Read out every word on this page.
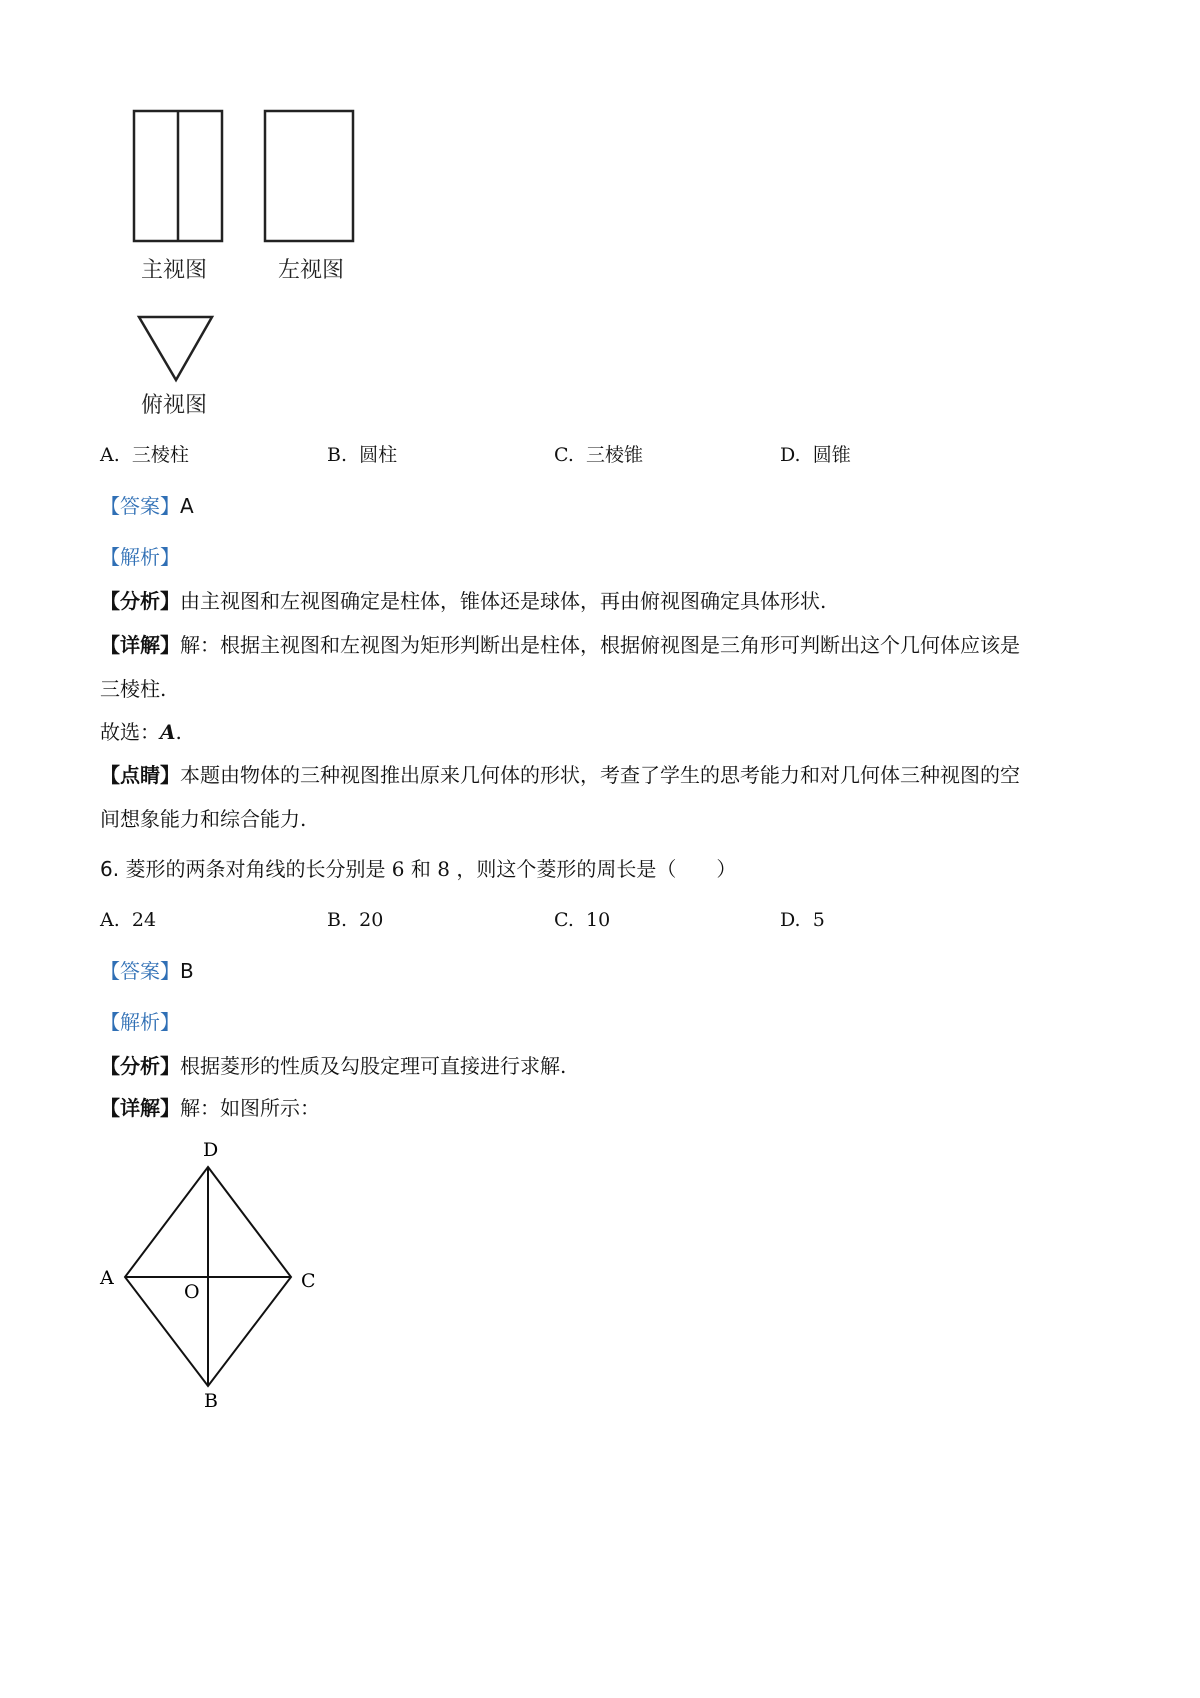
主视图	左视图
俯视图
A. 三棱柱	B. 圆柱	C. 三棱锥	D. 圆锥
【答案】A
【解析】
【分析】由主视图和左视图确定是柱体，锥体还是球体，再由俯视图确定具体形状.
【详解】解：根据主视图和左视图为矩形判断出是柱体，根据俯视图是三角形可判断出这个几何体应该是
三棱柱.
故选：A.
【点睛】本题由物体的三种视图推出原来几何体的形状，考查了学生的思考能力和对几何体三种视图的空
间想象能力和综合能力.
6. 菱形的两条对角线的长分别是 6 和 8 ，则这个菱形的周长是（　　）
A. 24	B. 20	C. 10	D. 5
【答案】B
【解析】
【分析】根据菱形的性质及勾股定理可直接进行求解.
【详解】解：如图所示：
D
A	C
O
B
